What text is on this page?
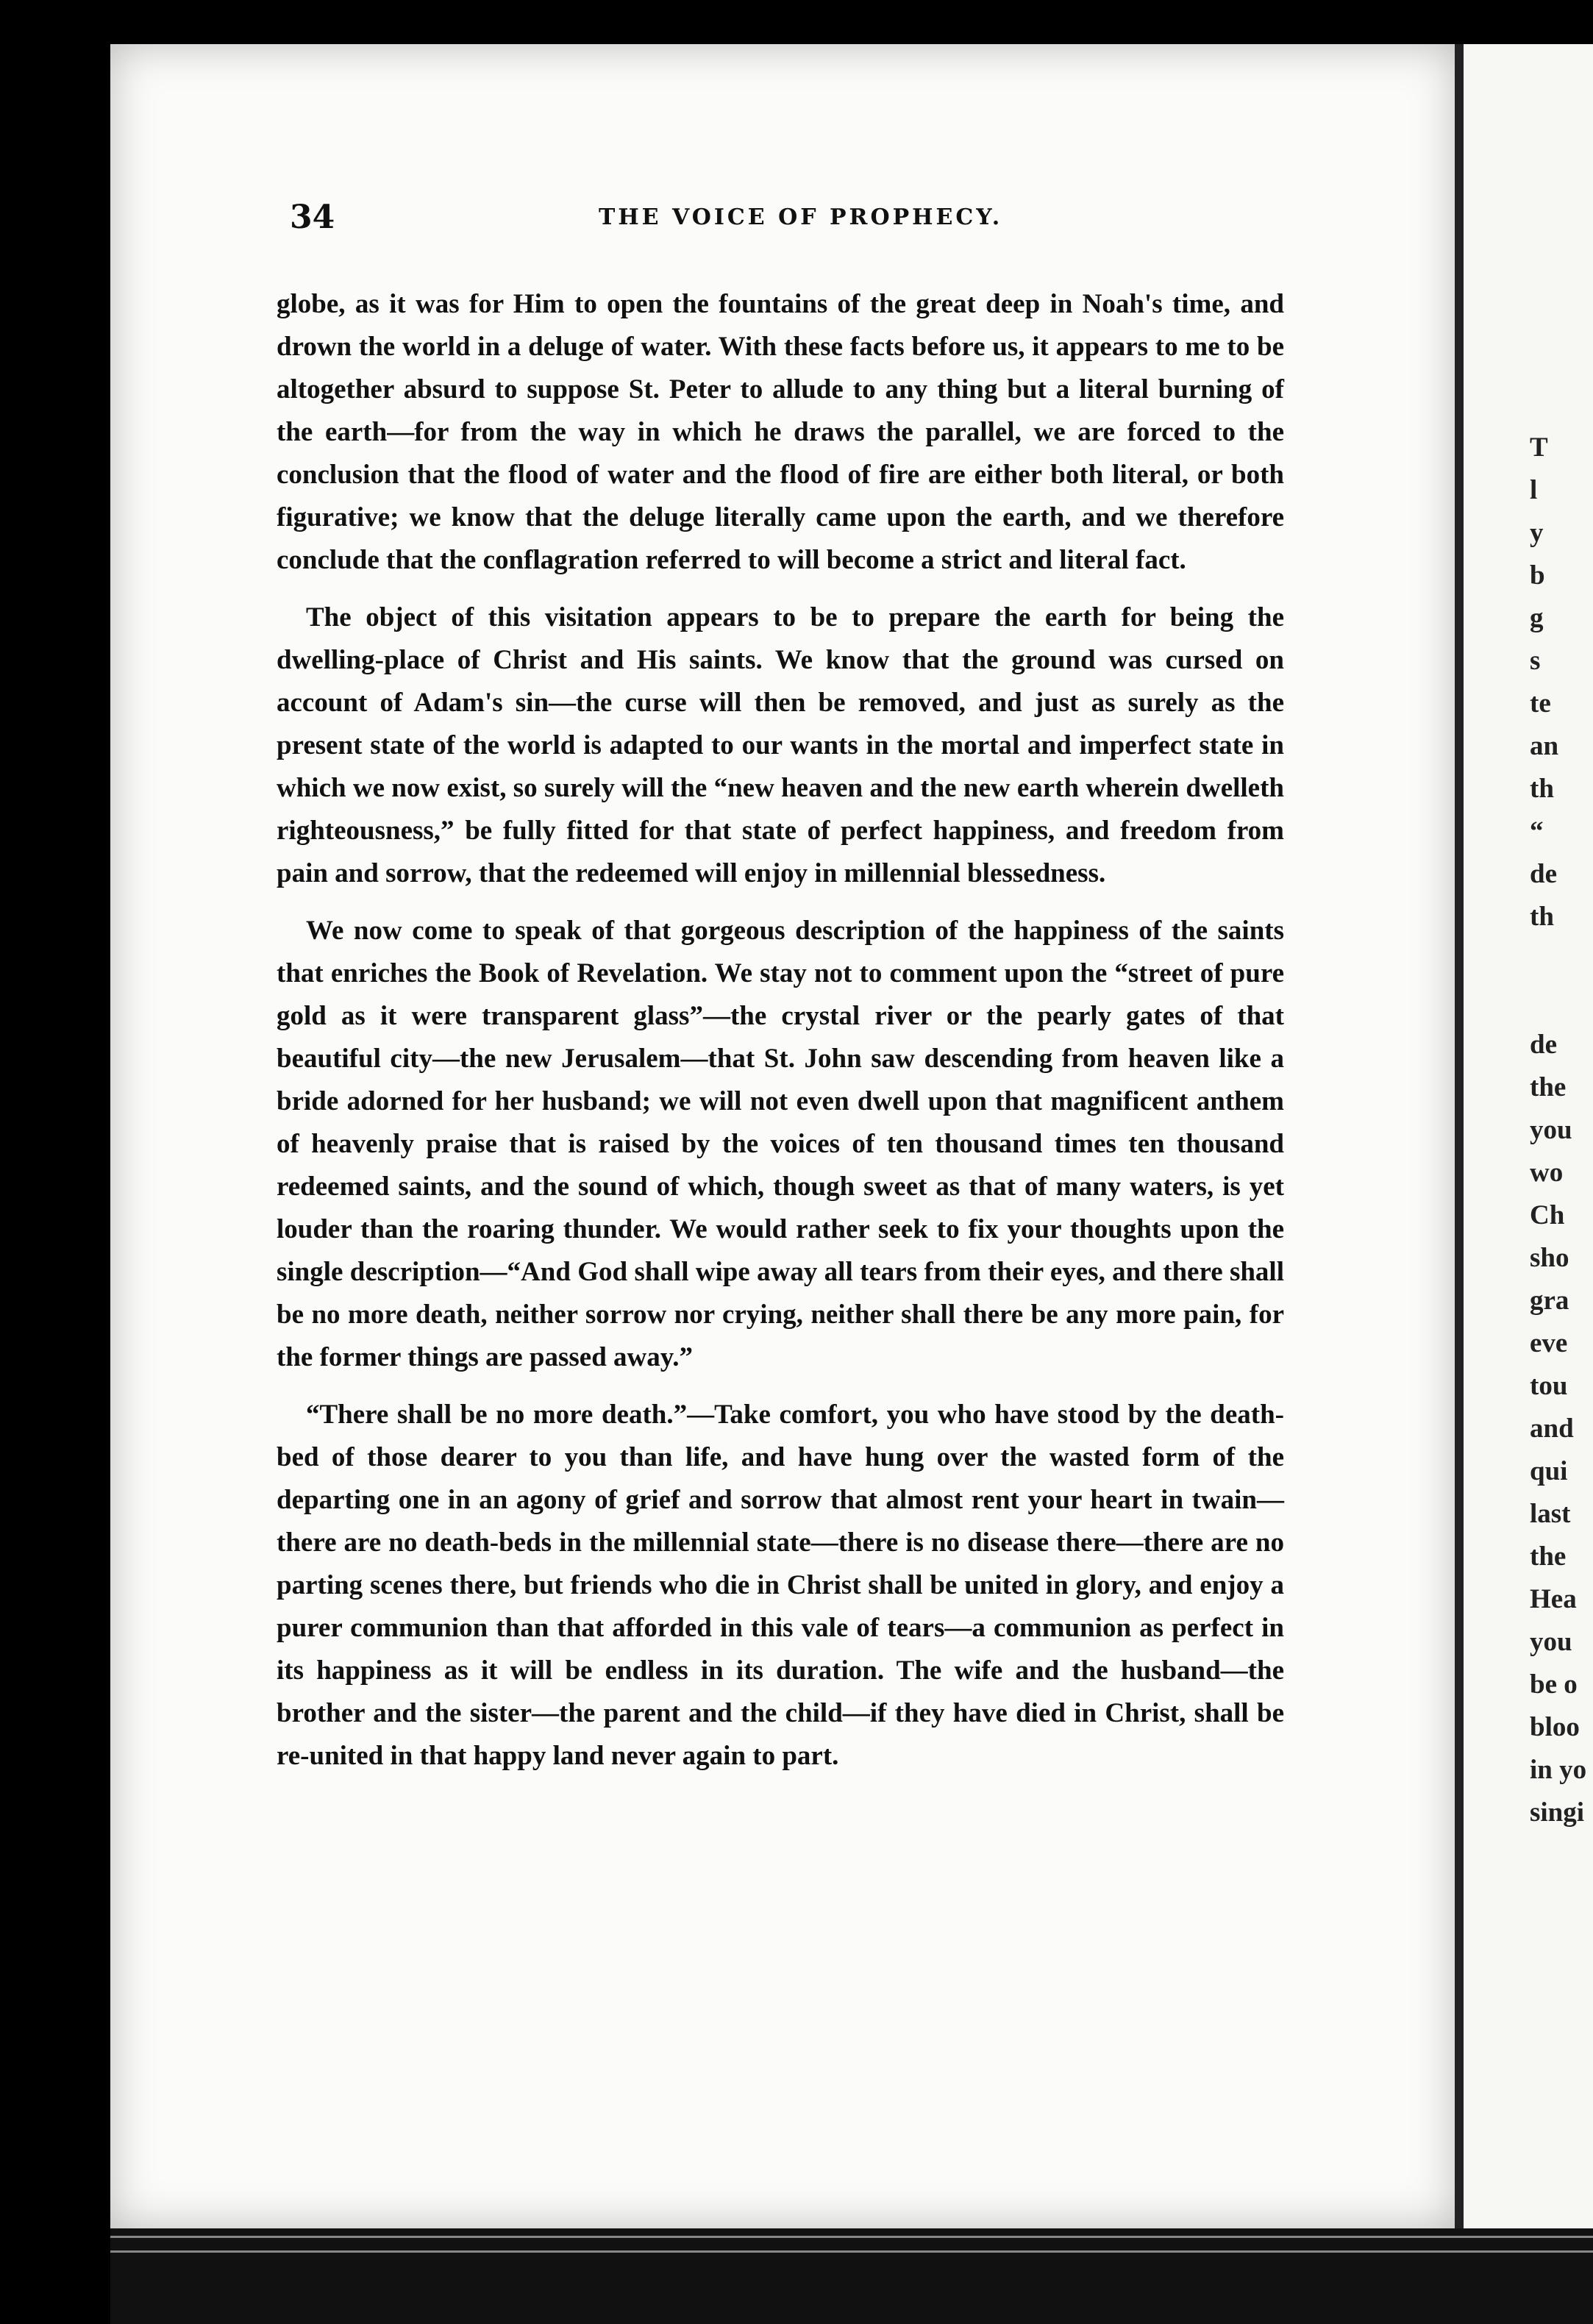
34	THE VOICE OF PROPHECY.

globe, as it was for Him to open the fountains of the great deep in Noah's time, and drown the world in a deluge of water. With these facts before us, it appears to me to be altogether absurd to suppose St. Peter to allude to any thing but a literal burning of the earth—for from the way in which he draws the parallel, we are forced to the conclusion that the flood of water and the flood of fire are either both literal, or both figurative; we know that the deluge literally came upon the earth, and we therefore conclude that the conflagration referred to will become a strict and literal fact.

The object of this visitation appears to be to prepare the earth for being the dwelling-place of Christ and His saints. We know that the ground was cursed on account of Adam's sin—the curse will then be removed, and just as surely as the present state of the world is adapted to our wants in the mortal and imperfect state in which we now exist, so surely will the “new heaven and the new earth wherein dwelleth righteousness,” be fully fitted for that state of perfect happiness, and freedom from pain and sorrow, that the redeemed will enjoy in millennial blessedness.

We now come to speak of that gorgeous description of the happiness of the saints that enriches the Book of Revelation. We stay not to comment upon the “street of pure gold as it were transparent glass”—the crystal river or the pearly gates of that beautiful city—the new Jerusalem—that St. John saw descending from heaven like a bride adorned for her husband; we will not even dwell upon that magnificent anthem of heavenly praise that is raised by the voices of ten thousand times ten thousand redeemed saints, and the sound of which, though sweet as that of many waters, is yet louder than the roaring thunder. We would rather seek to fix your thoughts upon the single description—“And God shall wipe away all tears from their eyes, and there shall be no more death, neither sorrow nor crying, neither shall there be any more pain, for the former things are passed away.”

“There shall be no more death.”—Take comfort, you who have stood by the death-bed of those dearer to you than life, and have hung over the wasted form of the departing one in an agony of grief and sorrow that almost rent your heart in twain—there are no death-beds in the millennial state—there is no disease there—there are no parting scenes there, but friends who die in Christ shall be united in glory, and enjoy a purer communion than that afforded in this vale of tears—a communion as perfect in its happiness as it will be endless in its duration. The wife and the husband—the brother and the sister—the parent and the child—if they have died in Christ, shall be re-united in that happy land never again to part.

T
l
y
b
g
s
te
an
th
“
de
th
de
the
you
wo
Ch
sho
gra
eve
tou
and
qui
last
the
Hea
you
be o
bloo
in yo
singi
